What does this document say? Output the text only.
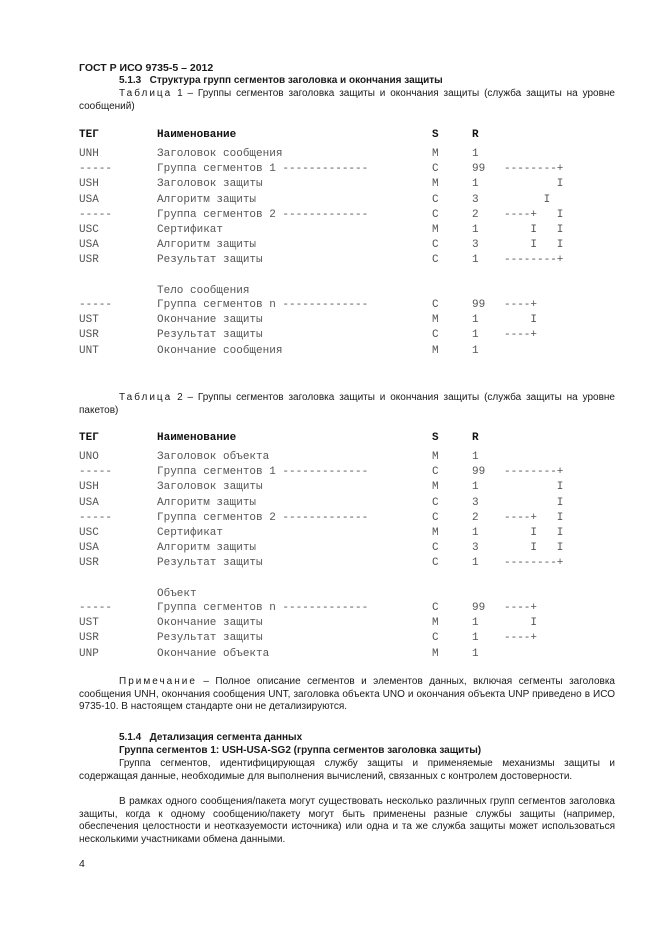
ГОСТ Р ИСО 9735-5 – 2012
5.1.3 Структура групп сегментов заголовка и окончания защиты
Таблица 1 – Группы сегментов заголовка защиты и окончания защиты (служба защиты на уровне сообщений)
ТЕГ	Наименование	S	R
UNH	Заголовок сообщения	M	1
-----	Группа сегментов 1 -------------	C	99 --------+
USH	Заголовок защиты	M	1 I
USA	Алгоритм защиты	C	3 I
-----	Группа сегментов 2 -------------	C	2 ----+   I
USC	Сертификат	M	1 I   I
USA	Алгоритм защиты	C	3 I   I
USR	Результат защиты	C	1 --------+
Тело сообщения
-----	Группа сегментов n -------------	C	99 ----+
UST	Окончание защиты	M	1 I
USR	Результат защиты	C	1 ----+
UNT	Окончание сообщения	M	1
Таблица 2 – Группы сегментов заголовка защиты и окончания защиты (служба защиты на уровне пакетов)
ТЕГ	Наименование	S	R
UNO	Заголовок объекта	M	1
-----	Группа сегментов 1 -------------	C	99 --------+
USH	Заголовок защиты	M	1 I
USA	Алгоритм защиты	C	3 I
-----	Группа сегментов 2 -------------	C	2 ----+   I
USC	Сертификат	M	1 I   I
USA	Алгоритм защиты	C	3 I   I
USR	Результат защиты	C	1 --------+
Объект
-----	Группа сегментов n -------------	C	99 ----+
UST	Окончание защиты	M	1 I
USR	Результат защиты	C	1 ----+
UNP	Окончание объекта	M	1
Примечание – Полное описание сегментов и элементов данных, включая сегменты заголовка сообщения UNH, окончания сообщения UNT, заголовка объекта UNO и окончания объекта UNP приведено в ИСО 9735-10. В настоящем стандарте они не детализируются.
5.1.4 Детализация сегмента данных
Группа сегментов 1: USH-USA-SG2 (группа сегментов заголовка защиты)
Группа сегментов, идентифицирующая службу защиты и применяемые механизмы защиты и содержащая данные, необходимые для выполнения вычислений, связанных с контролем достоверности.
В рамках одного сообщения/пакета могут существовать несколько различных групп сегментов заголовка защиты, когда к одному сообщению/пакету могут быть применены разные службы защиты (например, обеспечения целостности и неотказуемости источника) или одна и та же служба защиты может использоваться несколькими участниками обмена данными.
4
